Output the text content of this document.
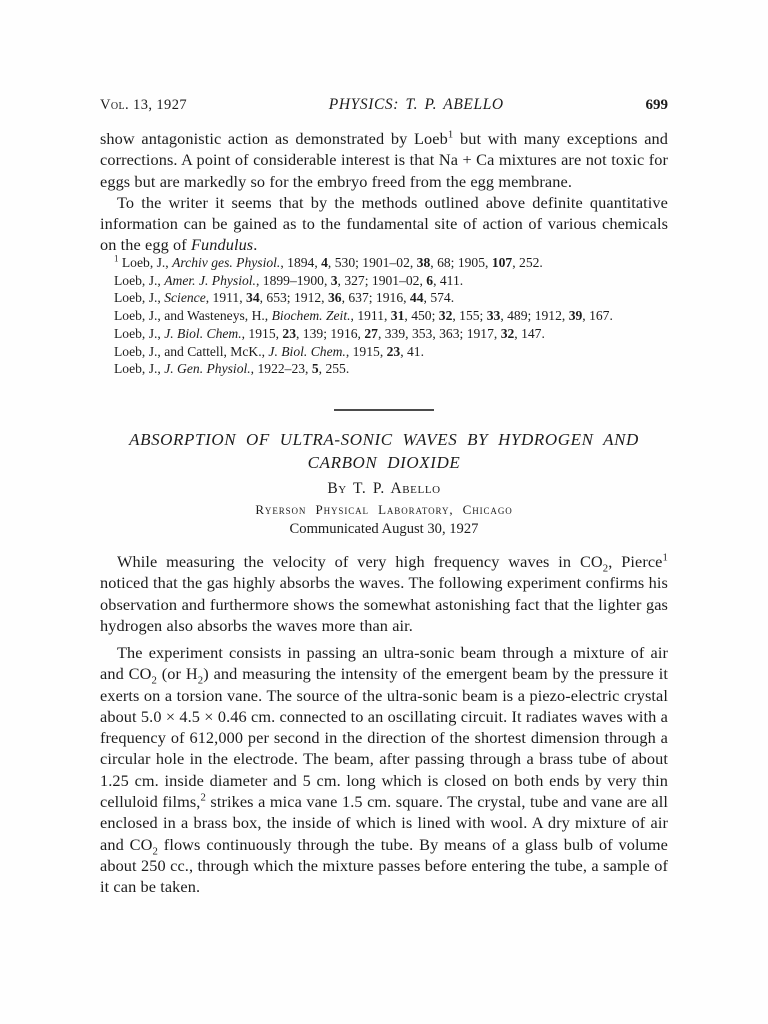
Vol. 13, 1927	PHYSICS: T. P. ABELLO	699

show antagonistic action as demonstrated by Loeb$^1$ but with many exceptions and corrections. A point of considerable interest is that Na + Ca mixtures are not toxic for eggs but are markedly so for the embryo freed from the egg membrane.

To the writer it seems that by the methods outlined above definite quantitative information can be gained as to the fundamental site of action of various chemicals on the egg of Fundulus.

$^1$ Loeb, J., Archiv ges. Physiol., 1894, 4, 530; 1901–02, 38, 68; 1905, 107, 252.

Loeb, J., Amer. J. Physiol., 1899–1900, 3, 327; 1901–02, 6, 411.

Loeb, J., Science, 1911, 34, 653; 1912, 36, 637; 1916, 44, 574.

Loeb, J., and Wasteneys, H., Biochem. Zeit., 1911, 31, 450; 32, 155; 33, 489; 1912, 39, 167.

Loeb, J., J. Biol. Chem., 1915, 23, 139; 1916, 27, 339, 353, 363; 1917, 32, 147.

Loeb, J., and Cattell, McK., J. Biol. Chem., 1915, 23, 41.

Loeb, J., J. Gen. Physiol., 1922–23, 5, 255.

ABSORPTION OF ULTRA-SONIC WAVES BY HYDROGEN AND
CARBON DIOXIDE
By T. P. Abello
Ryerson Physical Laboratory, Chicago
Communicated August 30, 1927

While measuring the velocity of very high frequency waves in $CO_2$, Pierce$^1$ noticed that the gas highly absorbs the waves. The following experiment confirms his observation and furthermore shows the somewhat astonishing fact that the lighter gas hydrogen also absorbs the waves more than air.

The experiment consists in passing an ultra-sonic beam through a mixture of air and $CO_2$ (or $H_2$) and measuring the intensity of the emergent beam by the pressure it exerts on a torsion vane. The source of the ultra-sonic beam is a piezo-electric crystal about 5.0 × 4.5 × 0.46 cm. connected to an oscillating circuit. It radiates waves with a frequency of 612,000 per second in the direction of the shortest dimension through a circular hole in the electrode. The beam, after passing through a brass tube of about 1.25 cm. inside diameter and 5 cm. long which is closed on both ends by very thin celluloid films,$^2$ strikes a mica vane 1.5 cm. square. The crystal, tube and vane are all enclosed in a brass box, the inside of which is lined with wool. A dry mixture of air and $CO_2$ flows continuously through the tube. By means of a glass bulb of volume about 250 cc., through which the mixture passes before entering the tube, a sample of it can be taken.
